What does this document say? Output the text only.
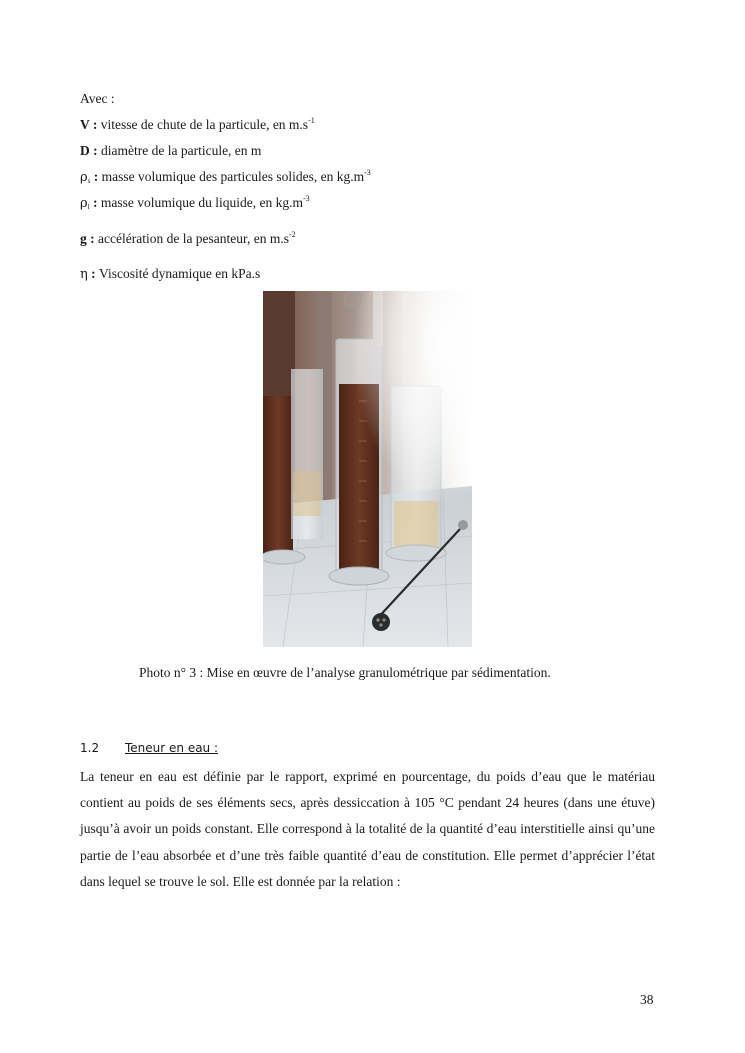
Avec :
V : vitesse de chute de la particule, en $m.s^{-1}$
D : diamètre de la particule, en m
$\rho_s$ : masse volumique des particules solides, en $kg.m^{-3}$
$\rho_l$ : masse volumique du liquide, en $kg.m^{-3}$
g : accélération de la pesanteur, en $m.s^{-2}$
η : Viscosité dynamique en kPa.s
Photo n° 3 : Mise en œuvre de l’analyse granulométrique par sédimentation.
1.2 Teneur en eau :
La teneur en eau est définie par le rapport, exprimé en pourcentage, du poids d’eau que le matériau contient au poids de ses éléments secs, après dessiccation à 105 °C pendant 24 heures (dans une étuve) jusqu’à avoir un poids constant. Elle correspond à la totalité de la quantité d’eau interstitielle ainsi qu’une partie de l’eau absorbée et d’une très faible quantité d’eau de constitution. Elle permet d’apprécier l’état dans lequel se trouve le sol. Elle est donnée par la relation :
38
